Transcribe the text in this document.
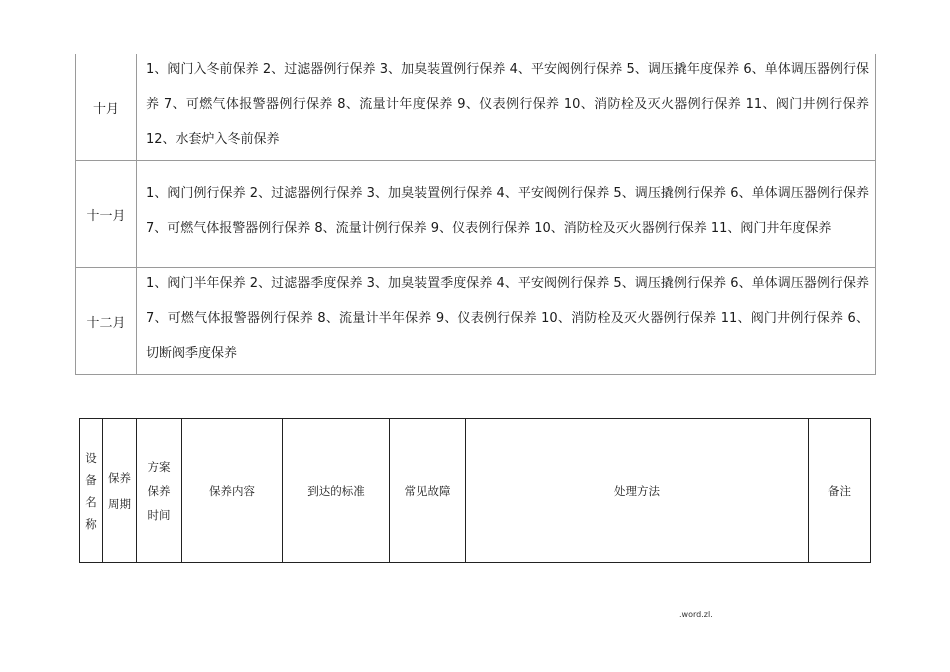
十月	1、阀门入冬前保养 2、过滤器例行保养 3、加臭装置例行保养 4、平安阀例行保养 5、调压撬年度保养 6、单体调压器例行保养 7、可燃气体报警器例行保养 8、流量计年度保养 9、仪表例行保养 10、消防栓及灭火器例行保养 11、阀门井例行保养 12、水套炉入冬前保养

十一月	1、阀门例行保养 2、过滤器例行保养 3、加臭装置例行保养 4、平安阀例行保养 5、调压撬例行保养 6、单体调压器例行保养 7、可燃气体报警器例行保养 8、流量计例行保养 9、仪表例行保养 10、消防栓及灭火器例行保养 11、阀门井年度保养

十二月	1、阀门半年保养 2、过滤器季度保养 3、加臭装置季度保养 4、平安阀例行保养 5、调压撬例行保养 6、单体调压器例行保养 7、可燃气体报警器例行保养 8、流量计半年保养 9、仪表例行保养 10、消防栓及灭火器例行保养 11、阀门井例行保养 6、切断阀季度保养
设备名称	保养周期	方案保养时间	保养内容	到达的标准	常见故障	处理方法	备注
.word.zl.
